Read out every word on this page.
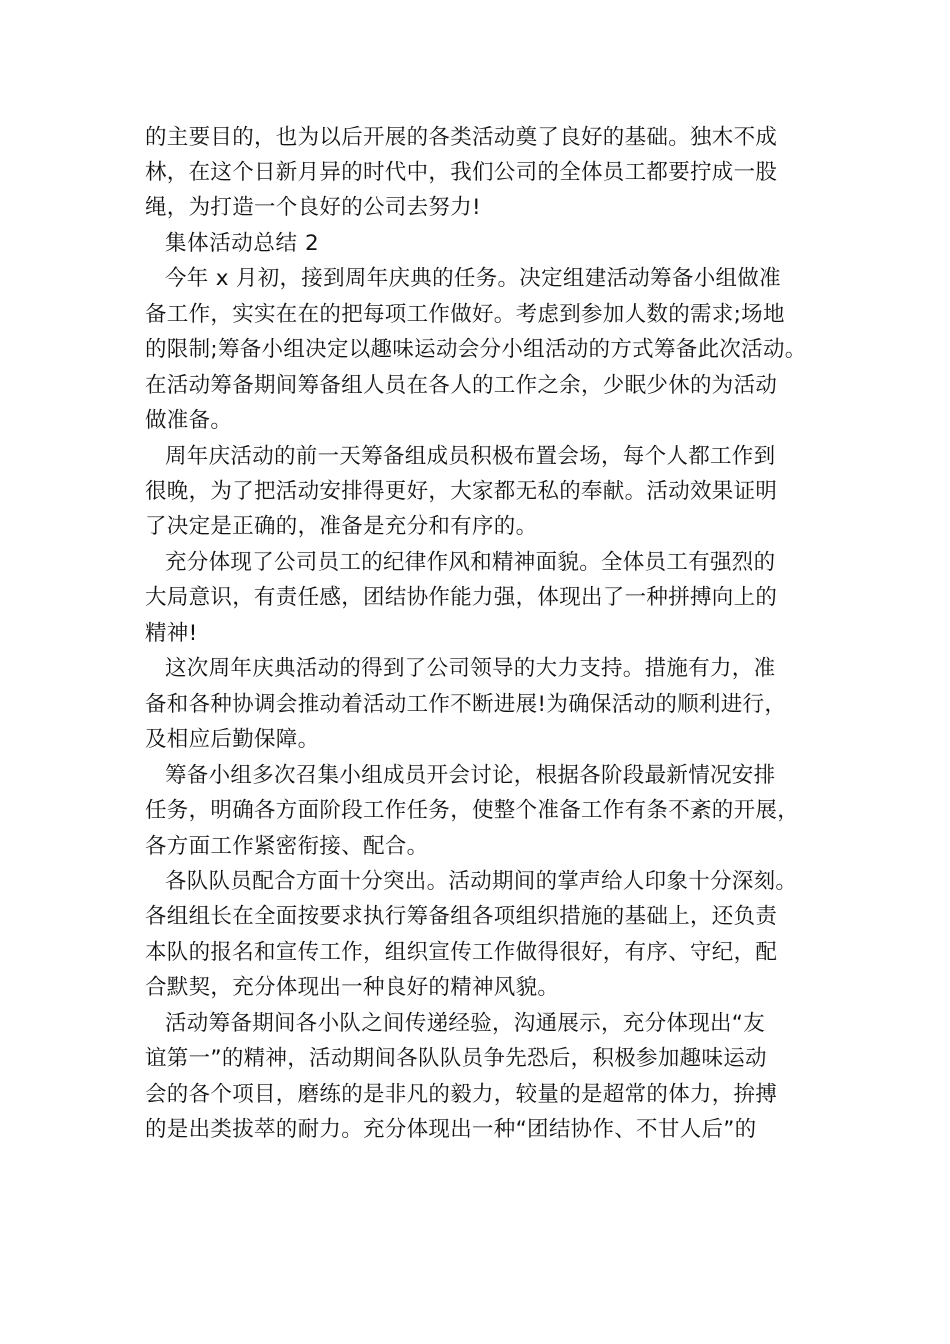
的主要目的，也为以后开展的各类活动奠了良好的基础。独木不成
林，在这个日新月异的时代中，我们公司的全体员工都要拧成一股
绳，为打造一个良好的公司去努力!
集体活动总结 2
今年 x 月初，接到周年庆典的任务。决定组建活动筹备小组做准
备工作，实实在在的把每项工作做好。考虑到参加人数的需求;场地
的限制;筹备小组决定以趣味运动会分小组活动的方式筹备此次活动。
在活动筹备期间筹备组人员在各人的工作之余，少眠少休的为活动
做准备。
周年庆活动的前一天筹备组成员积极布置会场，每个人都工作到
很晚，为了把活动安排得更好，大家都无私的奉献。活动效果证明
了决定是正确的，准备是充分和有序的。
充分体现了公司员工的纪律作风和精神面貌。全体员工有强烈的
大局意识，有责任感，团结协作能力强，体现出了一种拼搏向上的
精神!
这次周年庆典活动的得到了公司领导的大力支持。措施有力，准
备和各种协调会推动着活动工作不断进展!为确保活动的顺利进行，
及相应后勤保障。
筹备小组多次召集小组成员开会讨论，根据各阶段最新情况安排
任务，明确各方面阶段工作任务，使整个准备工作有条不紊的开展，
各方面工作紧密衔接、配合。
各队队员配合方面十分突出。活动期间的掌声给人印象十分深刻。
各组组长在全面按要求执行筹备组各项组织措施的基础上，还负责
本队的报名和宣传工作，组织宣传工作做得很好，有序、守纪，配
合默契，充分体现出一种良好的精神风貌。
活动筹备期间各小队之间传递经验，沟通展示，充分体现出“友
谊第一”的精神，活动期间各队队员争先恐后，积极参加趣味运动
会的各个项目，磨练的是非凡的毅力，较量的是超常的体力，拚搏
的是出类拔萃的耐力。充分体现出一种“团结协作、不甘人后”的
